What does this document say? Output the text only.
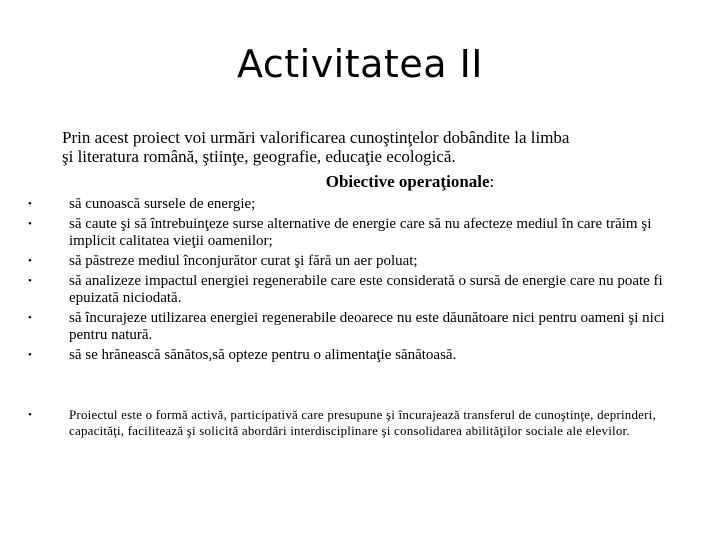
Activitatea II
Prin acest proiect voi urmări valorificarea cunoştinţelor dobândite la limba
şi literatura română, ştiinţe, geografie, educaţie ecologică.
Obiective operaţionale:
• să cunoască sursele de energie;
• să caute şi să întrebuinţeze surse alternative de energie care să nu afecteze mediul în care trăim şi implicit calitatea vieţii oamenilor;
• să păstreze mediul înconjurător curat şi fără un aer poluat;
• să analizeze impactul energiei regenerabile care este considerată o sursă de energie care nu poate fi epuizată niciodată.
• să încurajeze utilizarea energiei regenerabile deoarece nu este dăunătoare nici pentru oameni şi nici pentru natură.
• să se hrănească sănătos,să opteze pentru o alimentaţie sănătoasă.
•	Proiectul este o formă activă, participativă care presupune şi încurajează transferul de cunoştinţe, deprinderi, capacităţi, facilitează şi solicită abordări interdisciplinare şi consolidarea abilităţilor sociale ale elevilor.
